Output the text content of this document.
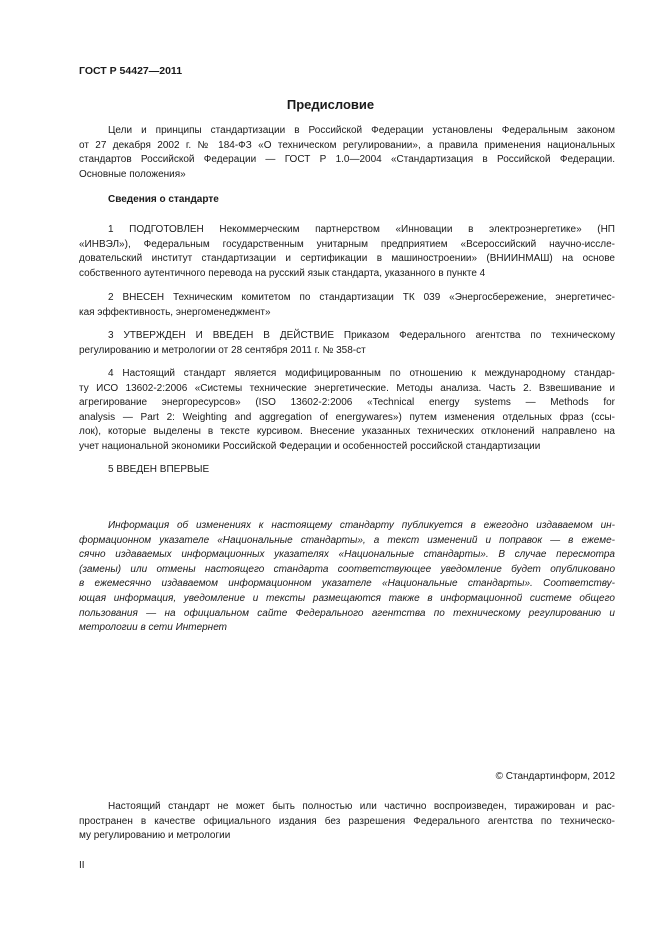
ГОСТ Р 54427—2011
Предисловие
Цели и принципы стандартизации в Российской Федерации установлены Федеральным законом
от 27 декабря 2002 г. № 184-ФЗ «О техническом регулировании», а правила применения национальных
стандартов Российской Федерации — ГОСТ Р 1.0—2004 «Стандартизация в Российской Федерации.
Основные положения»
Сведения о стандарте
1 ПОДГОТОВЛЕН Некоммерческим партнерством «Инновации в электроэнергетике» (НП
«ИНВЭЛ»), Федеральным государственным унитарным предприятием «Всероссийский научно-иссле-
довательский институт стандартизации и сертификации в машиностроении» (ВНИИНМАШ) на основе
собственного аутентичного перевода на русский язык стандарта, указанного в пункте 4
2 ВНЕСЕН Техническим комитетом по стандартизации ТК 039 «Энергосбережение, энергетичес-
кая эффективность, энергоменеджмент»
3 УТВЕРЖДЕН И ВВЕДЕН В ДЕЙСТВИЕ Приказом Федерального агентства по техническому
регулированию и метрологии от 28 сентября 2011 г. № 358-ст
4 Настоящий стандарт является модифицированным по отношению к международному стандар-
ту ИСО 13602-2:2006 «Системы технические энергетические. Методы анализа. Часть 2. Взвешивание и
агрегирование энергоресурсов» (ISO 13602-2:2006 «Technical energy systems — Methods for
analysis — Part 2: Weighting and aggregation of energywares») путем изменения отдельных фраз (ссы-
лок), которые выделены в тексте курсивом. Внесение указанных технических отклонений направлено на
учет национальной экономики Российской Федерации и особенностей российской стандартизации
5 ВВЕДЕН ВПЕРВЫЕ
Информация об изменениях к настоящему стандарту публикуется в ежегодно издаваемом ин-
формационном указателе «Национальные стандарты», а текст изменений и поправок — в ежеме-
сячно издаваемых информационных указателях «Национальные стандарты». В случае пересмотра
(замены) или отмены настоящего стандарта соответствующее уведомление будет опубликовано
в ежемесячно издаваемом информационном указателе «Национальные стандарты». Соответству-
ющая информация, уведомление и тексты размещаются также в информационной системе общего
пользования — на официальном сайте Федерального агентства по техническому регулированию и
метрологии в сети Интернет
© Стандартинформ, 2012
Настоящий стандарт не может быть полностью или частично воспроизведен, тиражирован и рас-
пространен в качестве официального издания без разрешения Федерального агентства по техническо-
му регулированию и метрологии
II
